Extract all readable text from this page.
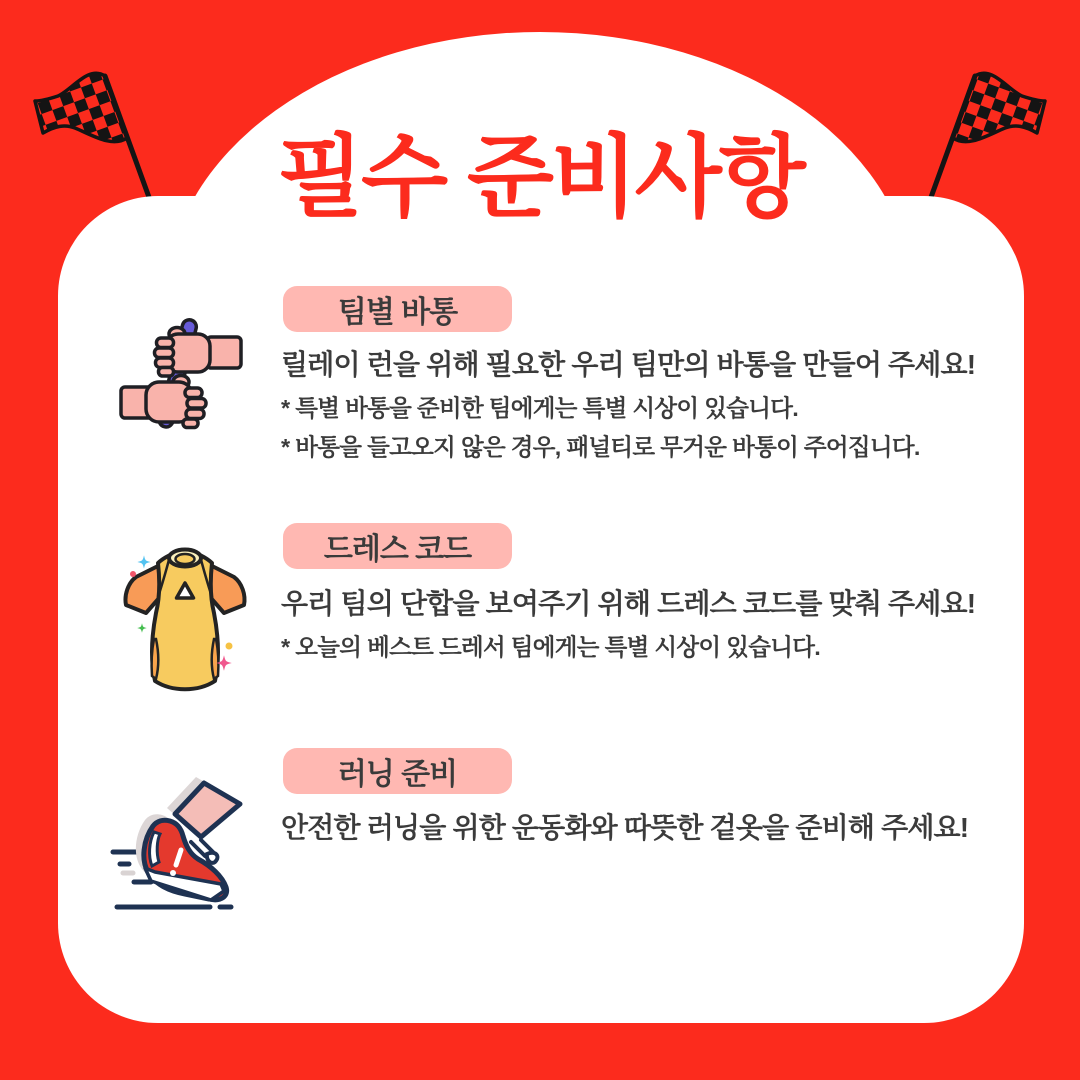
필수 준비사항
팀별 바통

릴레이 런을 위해 필요한 우리 팀만의 바통을 만들어 주세요!

* 특별 바통을 준비한 팀에게는 특별 시상이 있습니다.

* 바통을 들고오지 않은 경우, 패널티로 무거운 바통이 주어집니다.

드레스 코드

우리 팀의 단합을 보여주기 위해 드레스 코드를 맞춰 주세요!

* 오늘의 베스트 드레서 팀에게는 특별 시상이 있습니다.

러닝 준비

안전한 러닝을 위한 운동화와 따뜻한 겉옷을 준비해 주세요!
